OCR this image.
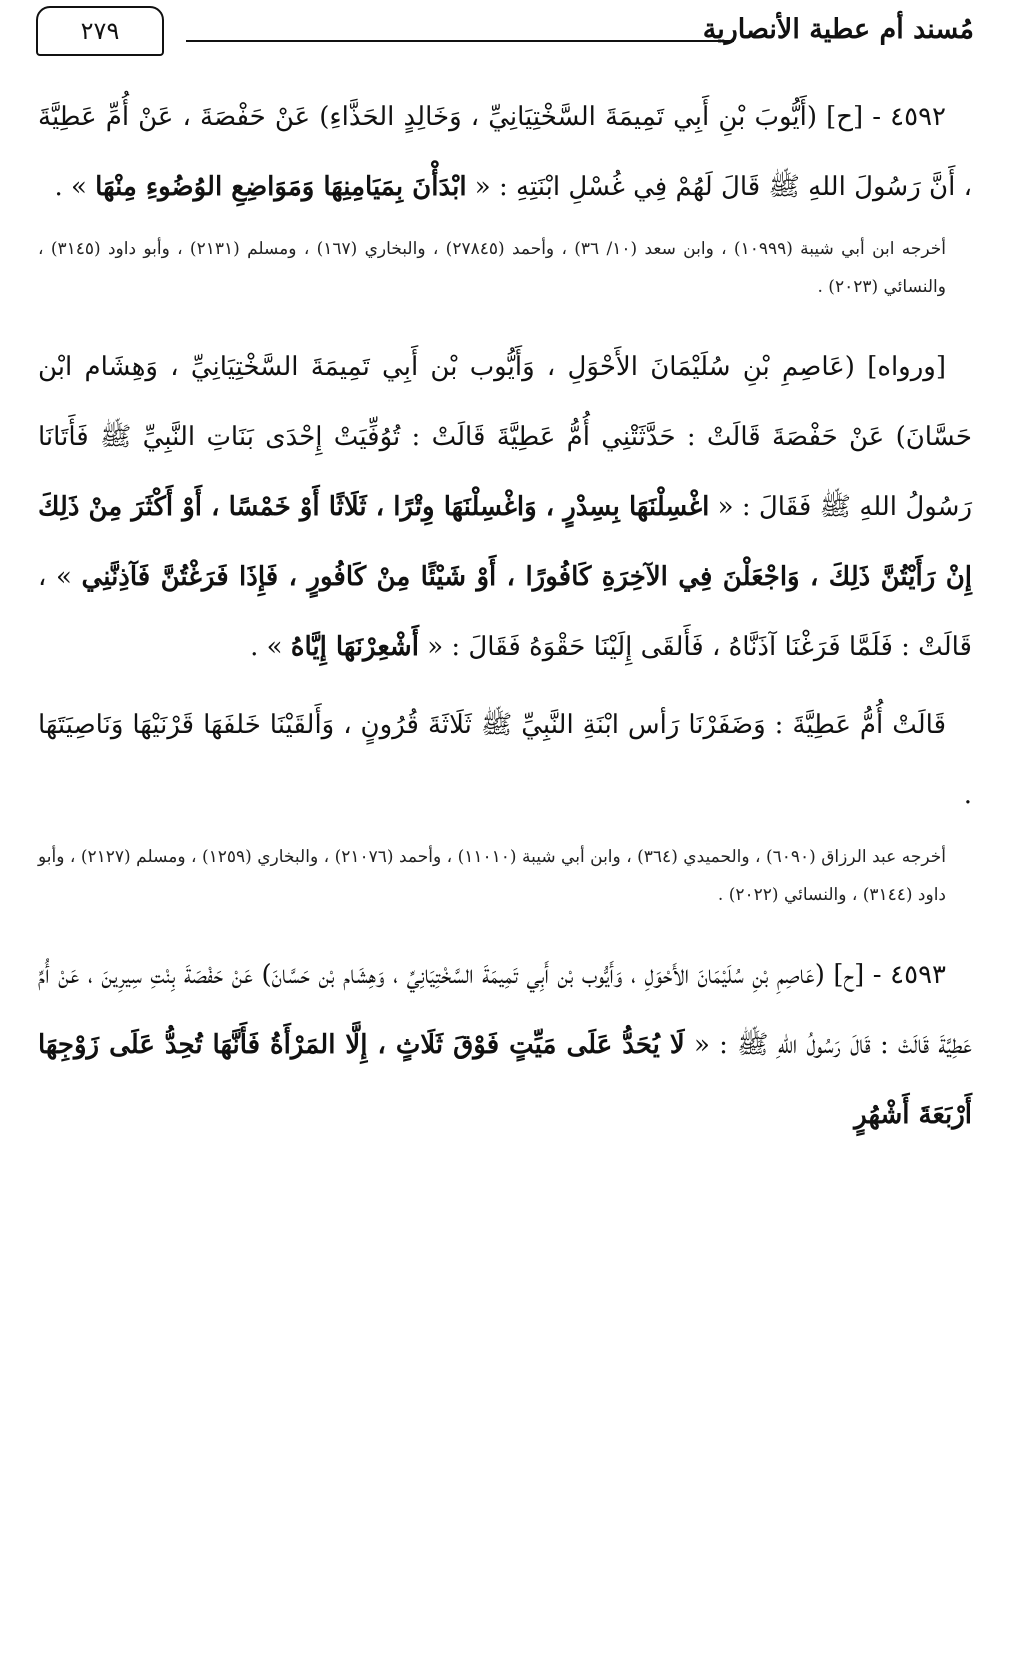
مُسند أم عطية الأنصارية
٢٧٩

٤٥٩٢ - [ح] (أَيُّوبَ بْنِ أَبِي تَمِيمَةَ السَّخْتِيَانِيِّ ، وَخَالِدٍ الحَذَّاءِ) عَنْ حَفْصَةَ ، عَنْ أُمِّ عَطِيَّةَ ، أَنَّ رَسُولَ اللهِ ﷺ قَالَ لَهُمْ فِي غُسْلِ ابْنَتِهِ : « ابْدَأْنَ بِمَيَامِنِهَا وَمَوَاضِعِ الوُضُوءِ مِنْهَا » .

أخرجه ابن أبي شيبة (١٠٩٩٩) ، وابن سعد (١٠/ ٣٦) ، وأحمد (٢٧٨٤٥) ، والبخاري (١٦٧) ، ومسلم (٢١٣١) ، وأبو داود (٣١٤٥) ، والنسائي (٢٠٢٣) .

[ورواه] (عَاصِمِ بْنِ سُلَيْمَانَ الأَحْوَلِ ، وَأَيُّوب بْن أَبِي تَمِيمَةَ السَّخْتِيَانِيِّ ، وَهِشَام ابْن حَسَّانَ) عَنْ حَفْصَةَ قَالَتْ : حَدَّثَتْنِي أُمُّ عَطِيَّةَ قَالَتْ : تُوُفِّيَتْ إِحْدَى بَنَاتِ النَّبِيِّ ﷺ فَأَتَانَا رَسُولُ اللهِ ﷺ فَقَالَ : « اغْسِلْنَهَا بِسِدْرٍ ، وَاغْسِلْنَهَا وِتْرًا ، ثَلَاثًا أَوْ خَمْسًا ، أَوْ أَكْثَرَ مِنْ ذَلِكَ إِنْ رَأَيْتُنَّ ذَلِكَ ، وَاجْعَلْنَ فِي الآخِرَةِ كَافُورًا ، أَوْ شَيْئًا مِنْ كَافُورٍ ، فَإِذَا فَرَغْتُنَّ فَآذِنَّنِي » ، قَالَتْ : فَلَمَّا فَرَغْنَا آذَنَّاهُ ، فَأَلقَى إِلَيْنَا حَقْوَهُ فَقَالَ : « أَشْعِرْنَهَا إِيَّاهُ » .

قَالَتْ أُمُّ عَطِيَّةَ : وَضَفَرْنَا رَأس ابْنَةِ النَّبِيِّ ﷺ ثَلَاثَةَ قُرُونٍ ، وَأَلقَيْنَا خَلفَهَا قَرْنَيْهَا وَنَاصِيَتَهَا .

أخرجه عبد الرزاق (٦٠٩٠) ، والحميدي (٣٦٤) ، وابن أبي شيبة (١١٠١٠) ، وأحمد (٢١٠٧٦) ، والبخاري (١٢٥٩) ، ومسلم (٢١٢٧) ، وأبو داود (٣١٤٤) ، والنسائي (٢٠٢٢) .

٤٥٩٣ - [ح] (عَاصِمِ بْنِ سُلَيْمَانَ الأَحْوَلِ ، وَأَيُّوب بْن أَبِي تَمِيمَةَ السَّخْتِيَانِيِّ ، وَهِشَام بْن حَسَّانَ) عَنْ حَفْصَةَ بِنْتِ سِيرِينَ ، عَنْ أُمِّ عَطِيَّةَ قَالَتْ : قَالَ رَسُولُ اللهِ ﷺ : « لَا يُحَدُّ عَلَى مَيِّتٍ فَوْقَ ثَلَاثٍ ، إِلَّا المَرْأَةُ فَأَنَّهَا تُحِدُّ عَلَى زَوْجِهَا أَرْبَعَةَ أَشْهُرٍ
